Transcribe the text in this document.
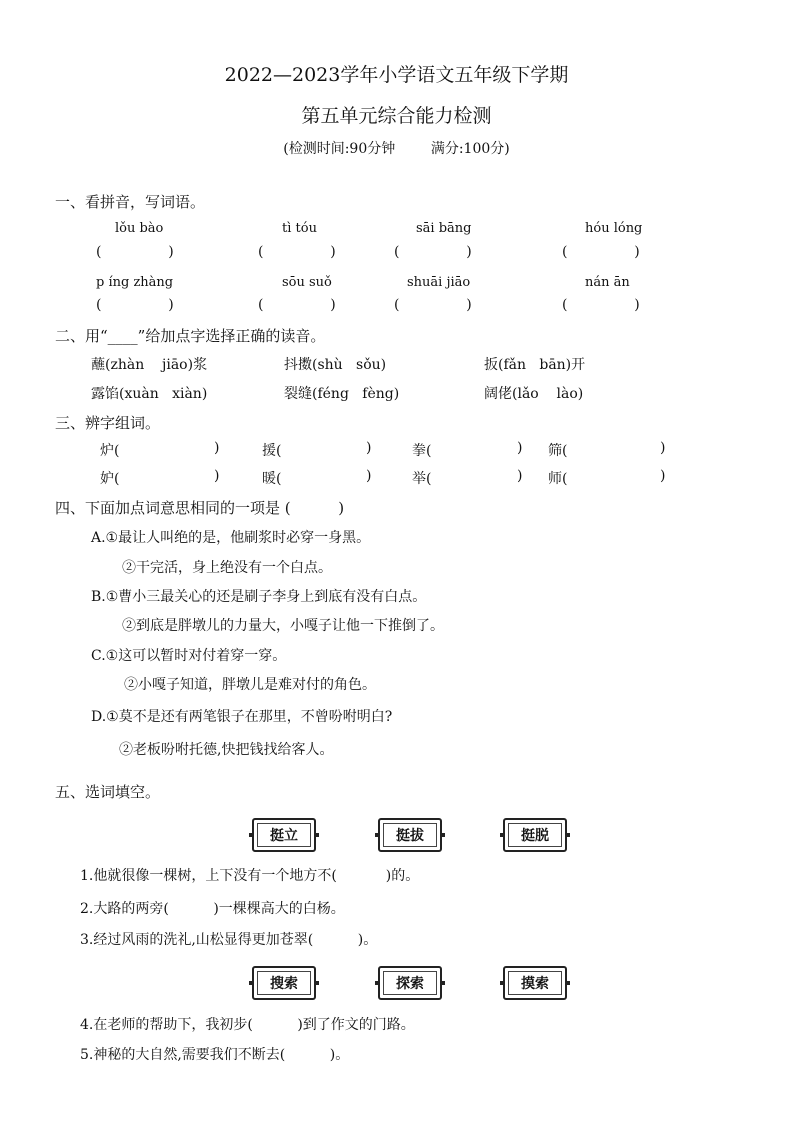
2022—2023学年小学语文五年级下学期
第五单元综合能力检测
(检测时间:90分钟        满分:100分)
一、看拼音，写词语。
lǒu bào	tì tóu	sāi bāng	hóu lóng
(               )	(               )	(               )	(               )
p íng zhàng	sōu suǒ	shuāi jiāo	nán ān
(               )	(               )	(               )	(               )
二、用“____”给加点字选择正确的读音。
蘸(zhàn    jiāo)浆	抖擞(shù   sǒu)	扳(fǎn   bān)开
露馅(xuàn   xiàn)	裂缝(féng   fèng)	阔佬(lǎo    lào)
三、辨字组词。
炉(	)	援(	)	拳(	) 筛(	)
妒(	)	暖(	)	举(	) 师(	)
四、下面加点词意思相同的一项是 (          )
A.①最让人叫绝的是，他刷浆时必穿一身黑。
②干完活，身上绝没有一个白点。
B.①曹小三最关心的还是刷子李身上到底有没有白点。
②到底是胖墩儿的力量大，小嘎子让他一下推倒了。
C.①这可以暂时对付着穿一穿。
②小嘎子知道，胖墩儿是难对付的角色。
D.①莫不是还有两笔银子在那里，不曾吩咐明白?
②老板吩咐托德,快把钱找给客人。
五、选词填空。
挺立	挺拔	挺脱
1.他就很像一棵树，上下没有一个地方不(           )的。
2.大路的两旁(          )一棵棵高大的白杨。
3.经过风雨的洗礼,山松显得更加苍翠(          )。
搜索	探索	摸索
4.在老师的帮助下，我初步(          )到了作文的门路。
5.神秘的大自然,需要我们不断去(          )。
